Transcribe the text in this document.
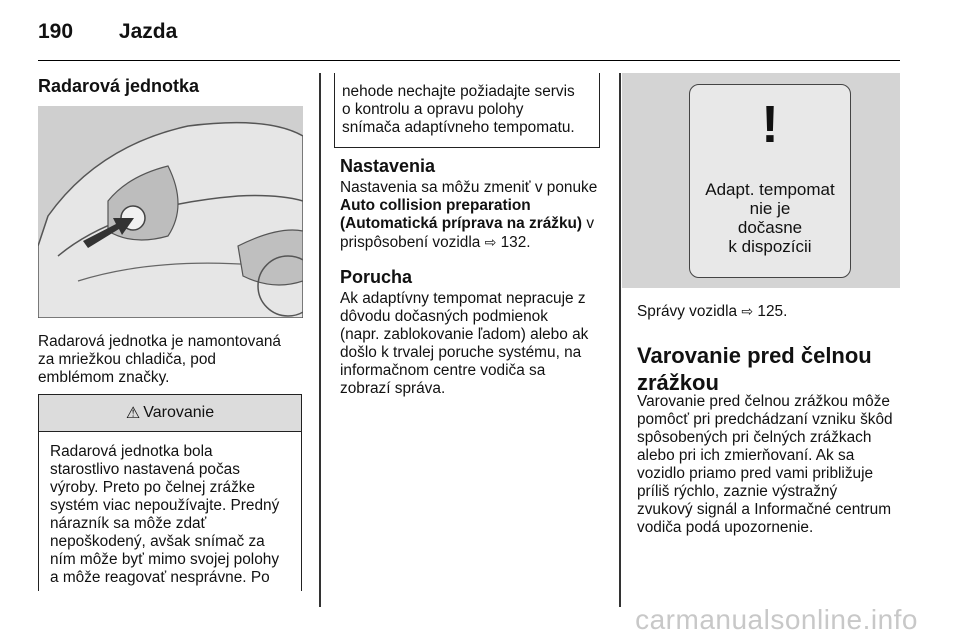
190 Jazda
Radarová jednotka
Radarová jednotka je namontovaná
za mriežkou chladiča, pod
emblémom značky.
⚠ Varovanie
Radarová jednotka bola
starostlivo nastavená počas
výroby. Preto po čelnej zrážke
systém viac nepoužívajte. Predný
nárazník sa môže zdať
nepoškodený, avšak snímač za
ním môže byť mimo svojej polohy
a môže reagovať nesprávne. Po
nehode nechajte požiadajte servis
o kontrolu a opravu polohy
snímača adaptívneho tempomatu.
Nastavenia
Nastavenia sa môžu zmeniť v ponuke
Auto collision preparation
(Automatická príprava na zrážku) v
prispôsobení vozidla ⇨ 132.
Porucha
Ak adaptívny tempomat nepracuje z
dôvodu dočasných podmienok
(napr. zablokovanie ľadom) alebo ak
došlo k trvalej poruche systému, na
informačnom centre vodiča sa
zobrazí správa.
!
Adapt. tempomat
nie je
dočasne
k dispozícii
Správy vozidla ⇨ 125.
Varovanie pred čelnou
zrážkou
Varovanie pred čelnou zrážkou môže
pomôcť pri predchádzaní vzniku škôd
spôsobených pri čelných zrážkach
alebo pri ich zmierňovaní. Ak sa
vozidlo priamo pred vami približuje
príliš rýchlo, zaznie výstražný
zvukový signál a Informačné centrum
vodiča podá upozornenie.
carmanualsonline.info
